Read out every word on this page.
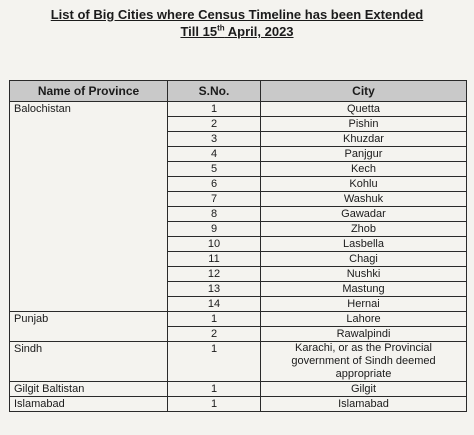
List of Big Cities where Census Timeline has been Extended
Till 15th April, 2023
Name of Province	S.No.	City
Balochistan	1	Quetta
	2	Pishin
	3	Khuzdar
	4	Panjgur
	5	Kech
	6	Kohlu
	7	Washuk
	8	Gawadar
	9	Zhob
	10	Lasbella
	11	Chagi
	12	Nushki
	13	Mastung
	14	Hernai
Punjab	1	Lahore
	2	Rawalpindi
Sindh	1	Karachi, or as the Provincial government of Sindh deemed appropriate
Gilgit Baltistan	1	Gilgit
Islamabad	1	Islamabad
